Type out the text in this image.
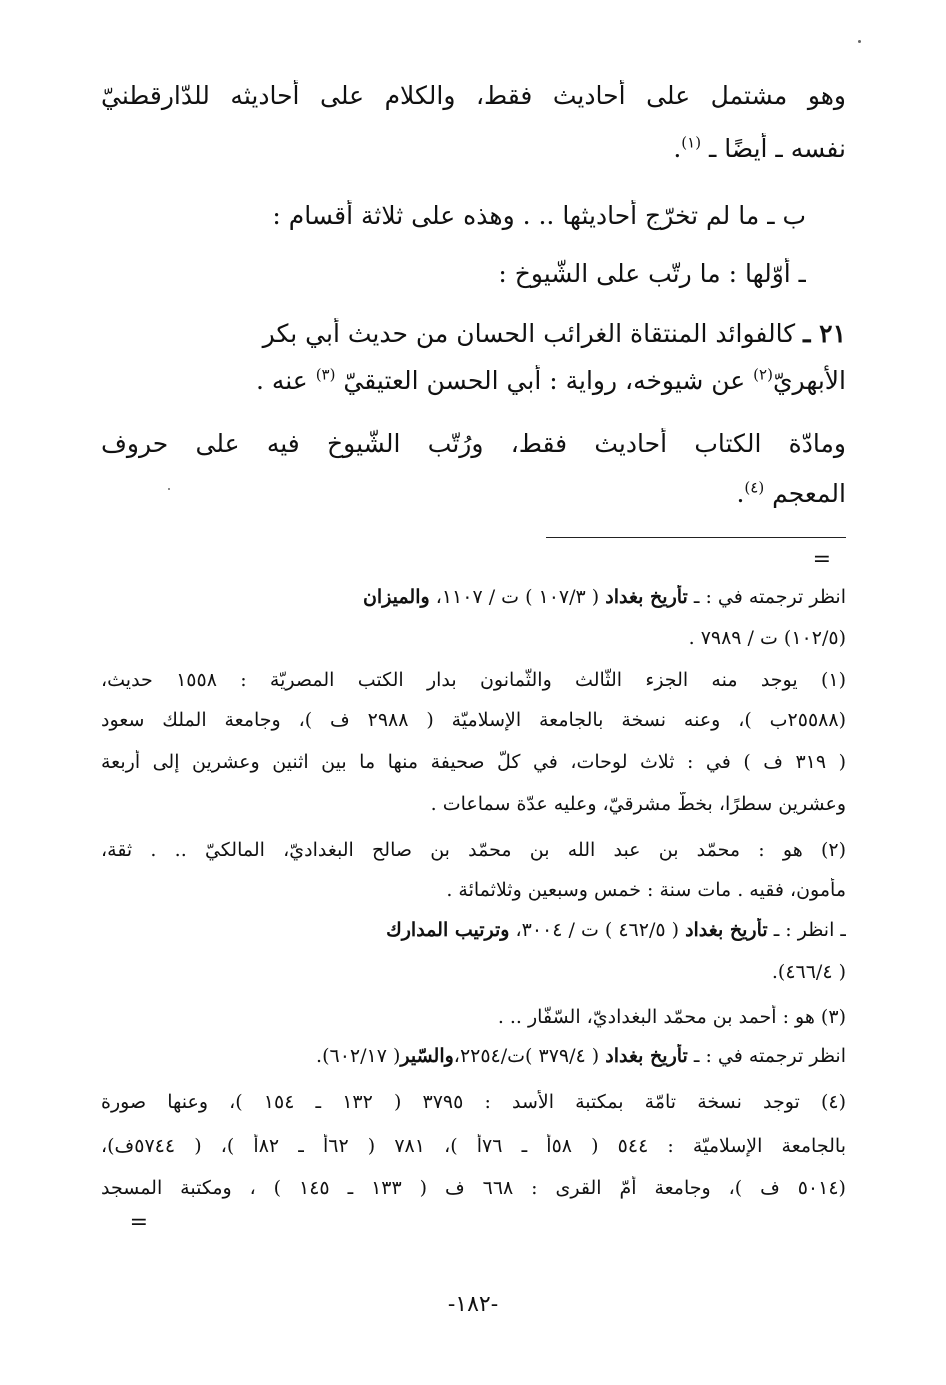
وهو مشتمل على أحاديث فقط، والكلام على أحاديثه للدّارقطنيّ
نفسه ـ أيضًا ـ $^{(١)}$.
ب ـ ما لم تخرّج أحاديثها .. . وهذه على ثلاثة أقسام :
ـ أوّلها : ما رتّب على الشّيوخ :
٢١ ـ كالفوائد المنتقاة الغرائب الحسان من حديث أبي بكر
الأبهريّ$^{(٢)}$ عن شيوخه، رواية : أبي الحسن العتيقيّ $^{(٣)}$ عنه .
ومادّة الكتاب أحاديث فقط، ورُتّب الشّيوخ فيه على حروف
المعجم $^{(٤)}$.
=
انظر ترجمته في : ـ تأريخ بغداد ( ١٠٧/٣ ) ت / ١١٠٧، والميزان
(١٠٢/٥) ت / ٧٩٨٩ .
(١) يوجد منه الجزء الثّالث والثّمانون بدار الكتب المصريّة : ١٥٥٨ حديث،
(٢٥٥٨٨ب )، وعنه نسخة بالجامعة الإسلاميّة ( ٢٩٨٨ ف )، وجامعة الملك سعود
( ٣١٩ ف ) في : ثلاث لوحات، في كلّ صحيفة منها ما بين اثنين وعشرين إلى أربعة
وعشرين سطرًا، بخطّ مشرقيّ، وعليه عدّة سماعات .
(٢) هو : محمّد بن عبد الله بن محمّد بن صالح البغداديّ، المالكيّ .. . ثقة،
مأمون، فقيه . مات سنة : خمس وسبعين وثلاثمائة .
ـ انظر : ـ تأريخ بغداد ( ٤٦٢/٥ ) ت / ٣٠٠٤، وترتيب المدارك
( ٤٦٦/٤).
(٣) هو : أحمد بن محمّد البغداديّ، السّفّار .. .
انظر ترجمته في : ـ تأريخ بغداد ( ٣٧٩/٤ )ت/٢٢٥٤،والسّير( ٦٠٢/١٧).
(٤) توجد نسخة تامّة بمكتبة الأسد : ٣٧٩٥ ( ١٣٢ ـ ١٥٤ )، وعنها صورة
بالجامعة الإسلاميّة : ٥٤٤ ( ٥٨أ ـ ٧٦أ )، ٧٨١ ( ٦٢أ ـ ٨٢أ )، ( ٥٧٤٤ف)،
(٥٠١٤ ف )، وجامعة أمّ القرى : ٦٦٨ ف ( ١٣٣ ـ ١٤٥ ) ، ومكتبة المسجد
=
-١٨٢-
